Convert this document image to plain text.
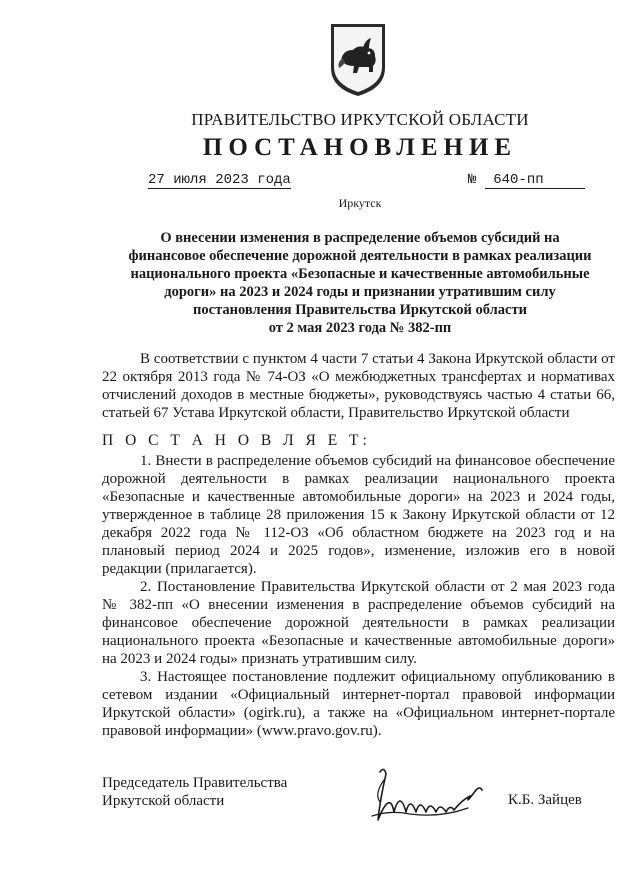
ПРАВИТЕЛЬСТВО ИРКУТСКОЙ ОБЛАСТИ
ПОСТАНОВЛЕНИЕ
27 июля 2023 года	№ 640-пп
Иркутск
О внесении изменения в распределение объемов субсидий на
финансовое обеспечение дорожной деятельности в рамках реализации
национального проекта «Безопасные и качественные автомобильные
дороги» на 2023 и 2024 годы и признании утратившим силу
постановления Правительства Иркутской области
от 2 мая 2023 года № 382-пп

В соответствии с пунктом 4 части 7 статьи 4 Закона Иркутской области от 22 октября 2013 года № 74-ОЗ «О межбюджетных трансфертах и нормативах отчислений доходов в местные бюджеты», руководствуясь частью 4 статьи 66, статьей 67 Устава Иркутской области, Правительство Иркутской области

П О С Т А Н О В Л Я Е Т:

1. Внести в распределение объемов субсидий на финансовое обеспечение дорожной деятельности в рамках реализации национального проекта «Безопасные и качественные автомобильные дороги» на 2023 и 2024 годы, утвержденное в таблице 28 приложения 15 к Закону Иркутской области от 12 декабря 2022 года № 112-ОЗ «Об областном бюджете на 2023 год и на плановый период 2024 и 2025 годов», изменение, изложив его в новой редакции (прилагается).

2. Постановление Правительства Иркутской области от 2 мая 2023 года № 382-пп «О внесении изменения в распределение объемов субсидий на финансовое обеспечение дорожной деятельности в рамках реализации национального проекта «Безопасные и качественные автомобильные дороги» на 2023 и 2024 годы» признать утратившим силу.

3. Настоящее постановление подлежит официальному опубликованию в сетевом издании «Официальный интернет-портал правовой информации Иркутской области» (ogirk.ru), а также на «Официальном интернет-портале правовой информации» (www.pravo.gov.ru).

Председатель Правительства
Иркутской области	К.Б. Зайцев
